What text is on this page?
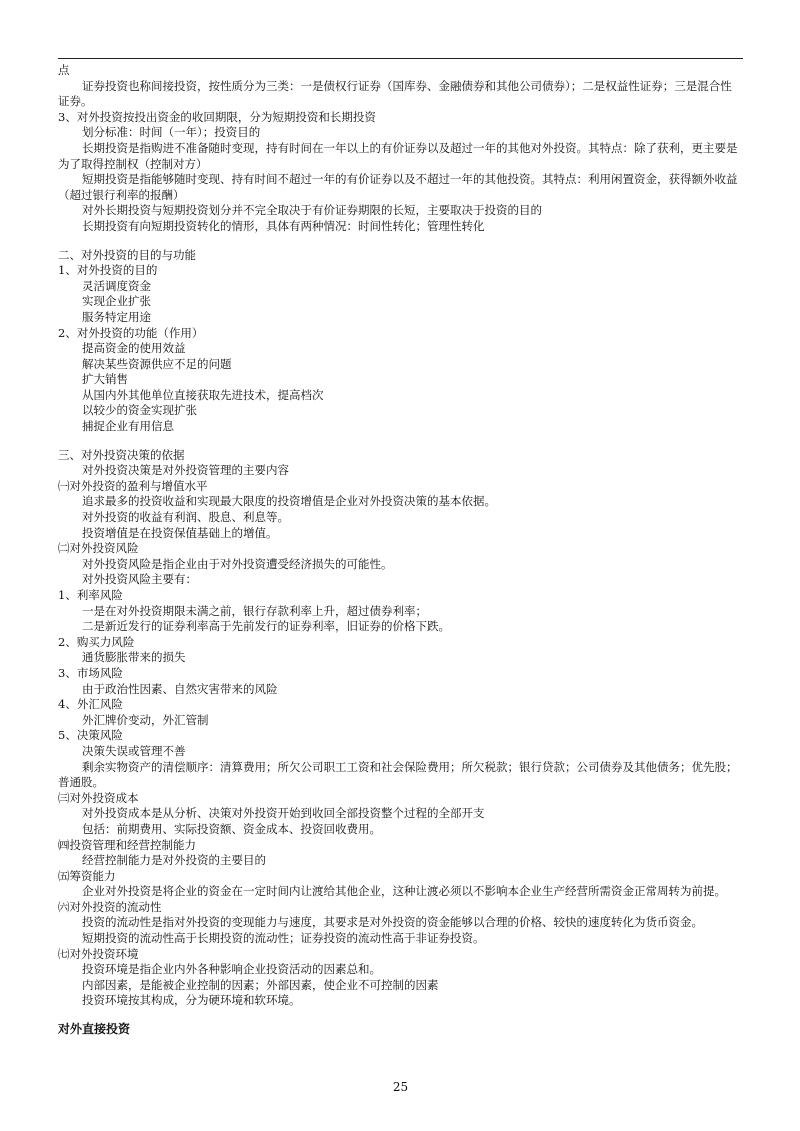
点
证券投资也称间接投资，按性质分为三类：一是债权行证券（国库券、金融债券和其他公司债券）；二是权益性证券；三是混合性证券。
3、对外投资按投出资金的收回期限，分为短期投资和长期投资
划分标准：时间（一年）；投资目的
长期投资是指购进不准备随时变现，持有时间在一年以上的有价证券以及超过一年的其他对外投资。其特点：除了获利，更主要是为了取得控制权（控制对方）
短期投资是指能够随时变现、持有时间不超过一年的有价证券以及不超过一年的其他投资。其特点：利用闲置资金，获得额外收益（超过银行利率的报酬）
对外长期投资与短期投资划分并不完全取决于有价证券期限的长短，主要取决于投资的目的
长期投资有向短期投资转化的情形，具体有两种情况：时间性转化；管理性转化
二、对外投资的目的与功能
1、对外投资的目的
灵活调度资金
实现企业扩张
服务特定用途
2、对外投资的功能（作用）
提高资金的使用效益
解决某些资源供应不足的问题
扩大销售
从国内外其他单位直接获取先进技术，提高档次
以较少的资金实现扩张
捕捉企业有用信息
三、对外投资决策的依据
对外投资决策是对外投资管理的主要内容
㈠对外投资的盈利与增值水平
追求最多的投资收益和实现最大限度的投资增值是企业对外投资决策的基本依据。
对外投资的收益有利润、股息、利息等。
投资增值是在投资保值基础上的增值。
㈡对外投资风险
对外投资风险是指企业由于对外投资遭受经济损失的可能性。
对外投资风险主要有：
1、利率风险
一是在对外投资期限未满之前，银行存款利率上升，超过债券利率；
二是新近发行的证券利率高于先前发行的证券利率，旧证券的价格下跌。
2、购买力风险
通货膨胀带来的损失
3、市场风险
由于政治性因素、自然灾害带来的风险
4、外汇风险
外汇牌价变动，外汇管制
5、决策风险
决策失误或管理不善
剩余实物资产的清偿顺序：清算费用；所欠公司职工工资和社会保险费用；所欠税款；银行贷款；公司债券及其他债务；优先股；普通股。
㈢对外投资成本
对外投资成本是从分析、决策对外投资开始到收回全部投资整个过程的全部开支
包括：前期费用、实际投资额、资金成本、投资回收费用。
㈣投资管理和经营控制能力
经营控制能力是对外投资的主要目的
㈤筹资能力
企业对外投资是将企业的资金在一定时间内让渡给其他企业，这种让渡必须以不影响本企业生产经营所需资金正常周转为前提。
㈥对外投资的流动性
投资的流动性是指对外投资的变现能力与速度，其要求是对外投资的资金能够以合理的价格、较快的速度转化为货币资金。
短期投资的流动性高于长期投资的流动性；证券投资的流动性高于非证券投资。
㈦对外投资环境
投资环境是指企业内外各种影响企业投资活动的因素总和。
内部因素，是能被企业控制的因素；外部因素，使企业不可控制的因素
投资环境按其构成，分为硬环境和软环境。
对外直接投资
25
